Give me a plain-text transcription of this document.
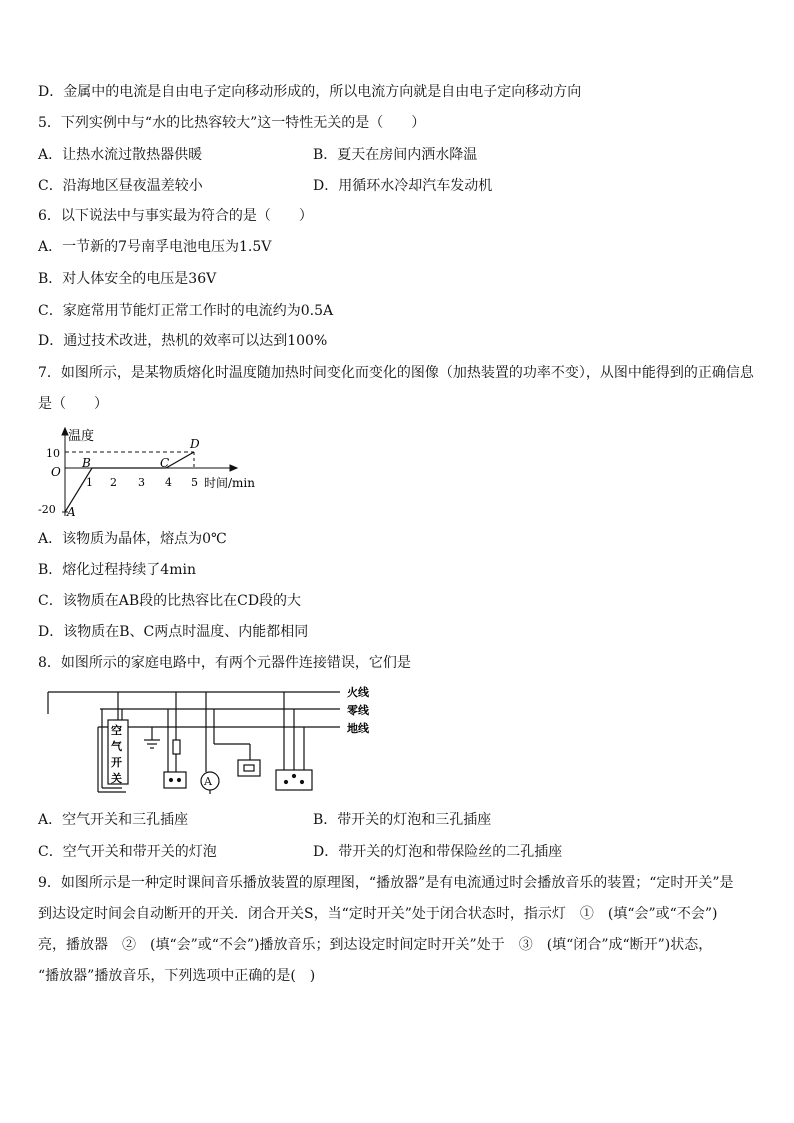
D．金属中的电流是自由电子定向移动形成的，所以电流方向就是自由电子定向移动方向
5．下列实例中与“水的比热容较大”这一特性无关的是（　　）
A．让热水流过散热器供暖	B．夏天在房间内洒水降温
C．沿海地区昼夜温差较小	D．用循环水冷却汽车发动机
6．以下说法中与事实最为符合的是（　　）
A．一节新的7号南孚电池电压为1.5V
B．对人体安全的电压是36V
C．家庭常用节能灯正常工作时的电流约为0.5A
D．通过技术改进，热机的效率可以达到100%
7．如图所示，是某物质熔化时温度随加热时间变化而变化的图像（加热装置的功率不变），从图中能得到的正确信息
是（　　）
温度
10
-20
O
1 2 3 4 5 时间/min
A
B	C
D
A．该物质为晶体，熔点为0℃
B．熔化过程持续了4min
C．该物质在AB段的比热容比在CD段的大
D．该物质在B、C两点时温度、内能都相同
8．如图所示的家庭电路中，有两个元器件连接错误，它们是
A
空
气
开
关
火线
零线
地线
A．空气开关和三孔插座	B．带开关的灯泡和三孔插座
C．空气开关和带开关的灯泡	D．带开关的灯泡和带保险丝的二孔插座
9．如图所示是一种定时课间音乐播放装置的原理图，“播放器”是有电流通过时会播放音乐的装置；“定时开关”是
到达设定时间会自动断开的开关．闭合开关S，当“定时开关”处于闭合状态时，指示灯　①　(填“会”或“不会”)
亮，播放器　②　(填“会”或“不会”)播放音乐；到达设定时间定时开关”处于　③　(填“闭合”成“断开”)状态，
“播放器”播放音乐，下列选项中正确的是(　)
